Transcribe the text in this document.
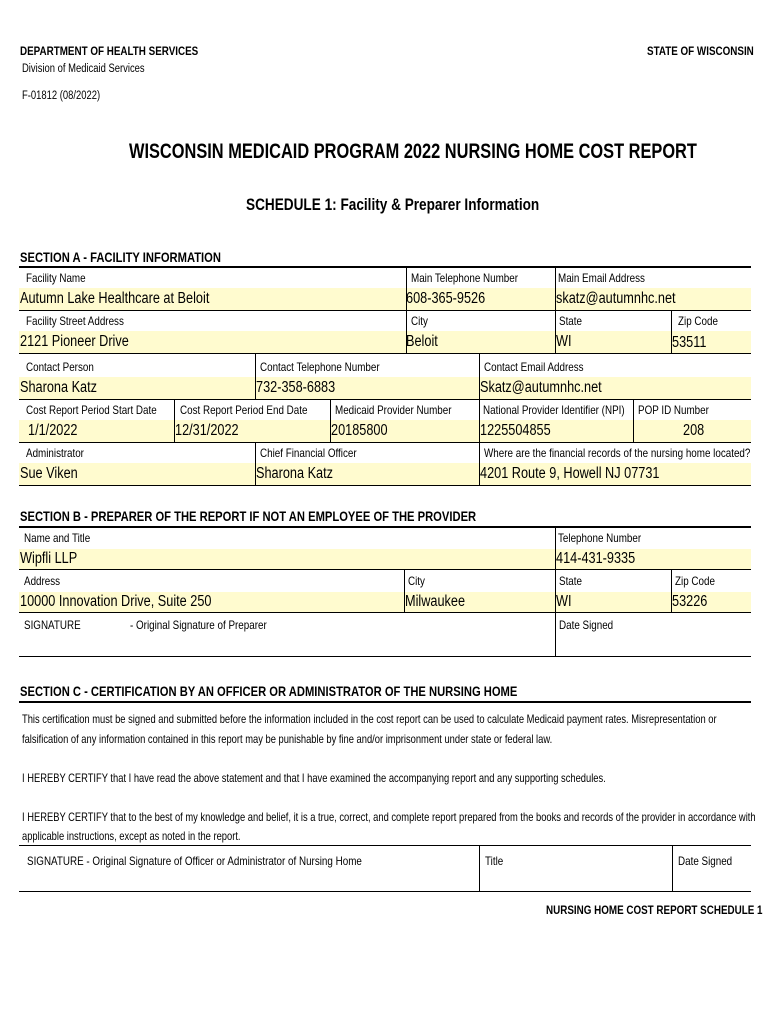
DEPARTMENT OF HEALTH SERVICES
Division of Medicaid Services
F-01812 (08/2022)
STATE OF WISCONSIN
WISCONSIN MEDICAID PROGRAM 2022 NURSING HOME COST REPORT
SCHEDULE 1: Facility & Preparer Information
SECTION A - FACILITY INFORMATION
Facility Name
Autumn Lake Healthcare at Beloit
Main Telephone Number
608-365-9526
Main Email Address
skatz@autumnhc.net
Facility Street Address
2121 Pioneer Drive
City
Beloit
State
WI
Zip Code
53511
Contact Person
Sharona Katz
Contact Telephone Number
732-358-6883
Contact Email Address
Skatz@autumnhc.net
Cost Report Period Start Date
1/1/2022
Cost Report Period End Date
12/31/2022
Medicaid Provider Number
20185800
National Provider Identifier (NPI)
1225504855
POP ID Number
208
Administrator
Sue Viken
Chief Financial Officer
Sharona Katz
Where are the financial records of the nursing home located?
4201 Route 9, Howell NJ 07731
SECTION B - PREPARER OF THE REPORT IF NOT AN EMPLOYEE OF THE PROVIDER
Name and Title
Wipfli LLP
Telephone Number
414-431-9335
Address
10000 Innovation Drive, Suite 250
City
Milwaukee
State
WI
Zip Code
53226
SIGNATURE	- Original Signature of Preparer	Date Signed
SECTION C - CERTIFICATION BY AN OFFICER OR ADMINISTRATOR OF THE NURSING HOME
This certification must be signed and submitted before the information included in the cost report can be used to calculate Medicaid payment rates. Misrepresentation or
falsification of any information contained in this report may be punishable by fine and/or imprisonment under state or federal law.
I HEREBY CERTIFY that I have read the above statement and that I have examined the accompanying report and any supporting schedules.
I HEREBY CERTIFY that to the best of my knowledge and belief, it is a true, correct, and complete report prepared from the books and records of the provider in accordance with
applicable instructions, except as noted in the report.
SIGNATURE - Original Signature of Officer or Administrator of Nursing Home	Title	Date Signed
NURSING HOME COST REPORT SCHEDULE 1
